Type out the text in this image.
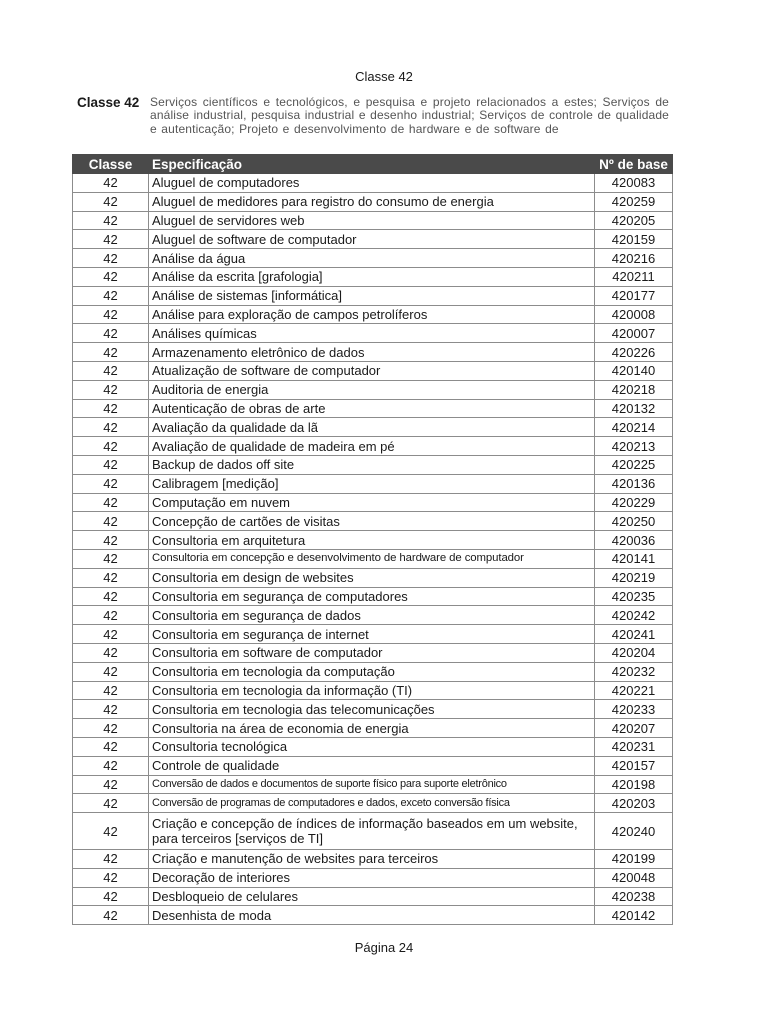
Classe 42
Classe 42 Serviços científicos e tecnológicos, e pesquisa e projeto relacionados a estes; Serviços de análise industrial, pesquisa industrial e desenho industrial; Serviços de controle de qualidade e autenticação; Projeto e desenvolvimento de hardware e de software de
Classe	Especificação	Nº de base
42	Aluguel de computadores	420083
42	Aluguel de medidores para registro do consumo de energia	420259
42	Aluguel de servidores web	420205
42	Aluguel de software de computador	420159
42	Análise da água	420216
42	Análise da escrita [grafologia]	420211
42	Análise de sistemas [informática]	420177
42	Análise para exploração de campos petrolíferos	420008
42	Análises químicas	420007
42	Armazenamento eletrônico de dados	420226
42	Atualização de software de computador	420140
42	Auditoria de energia	420218
42	Autenticação de obras de arte	420132
42	Avaliação da qualidade da lã	420214
42	Avaliação de qualidade de madeira em pé	420213
42	Backup de dados off site	420225
42	Calibragem [medição]	420136
42	Computação em nuvem	420229
42	Concepção de cartões de visitas	420250
42	Consultoria em arquitetura	420036
42	Consultoria em concepção e desenvolvimento de hardware de computador	420141
42	Consultoria em design de websites	420219
42	Consultoria em segurança de computadores	420235
42	Consultoria em segurança de dados	420242
42	Consultoria em segurança de internet	420241
42	Consultoria em software de computador	420204
42	Consultoria em tecnologia da computação	420232
42	Consultoria em tecnologia da informação (TI)	420221
42	Consultoria em tecnologia das telecomunicações	420233
42	Consultoria na área de economia de energia	420207
42	Consultoria tecnológica	420231
42	Controle de qualidade	420157
42	Conversão de dados e documentos de suporte físico para suporte eletrônico	420198
42	Conversão de programas de computadores e dados, exceto conversão física	420203
42	Criação e concepção de índices de informação baseados em um website, para terceiros [serviços de TI]	420240
42	Criação e manutenção de websites para terceiros	420199
42	Decoração de interiores	420048
42	Desbloqueio de celulares	420238
42	Desenhista de moda	420142
Página 24
